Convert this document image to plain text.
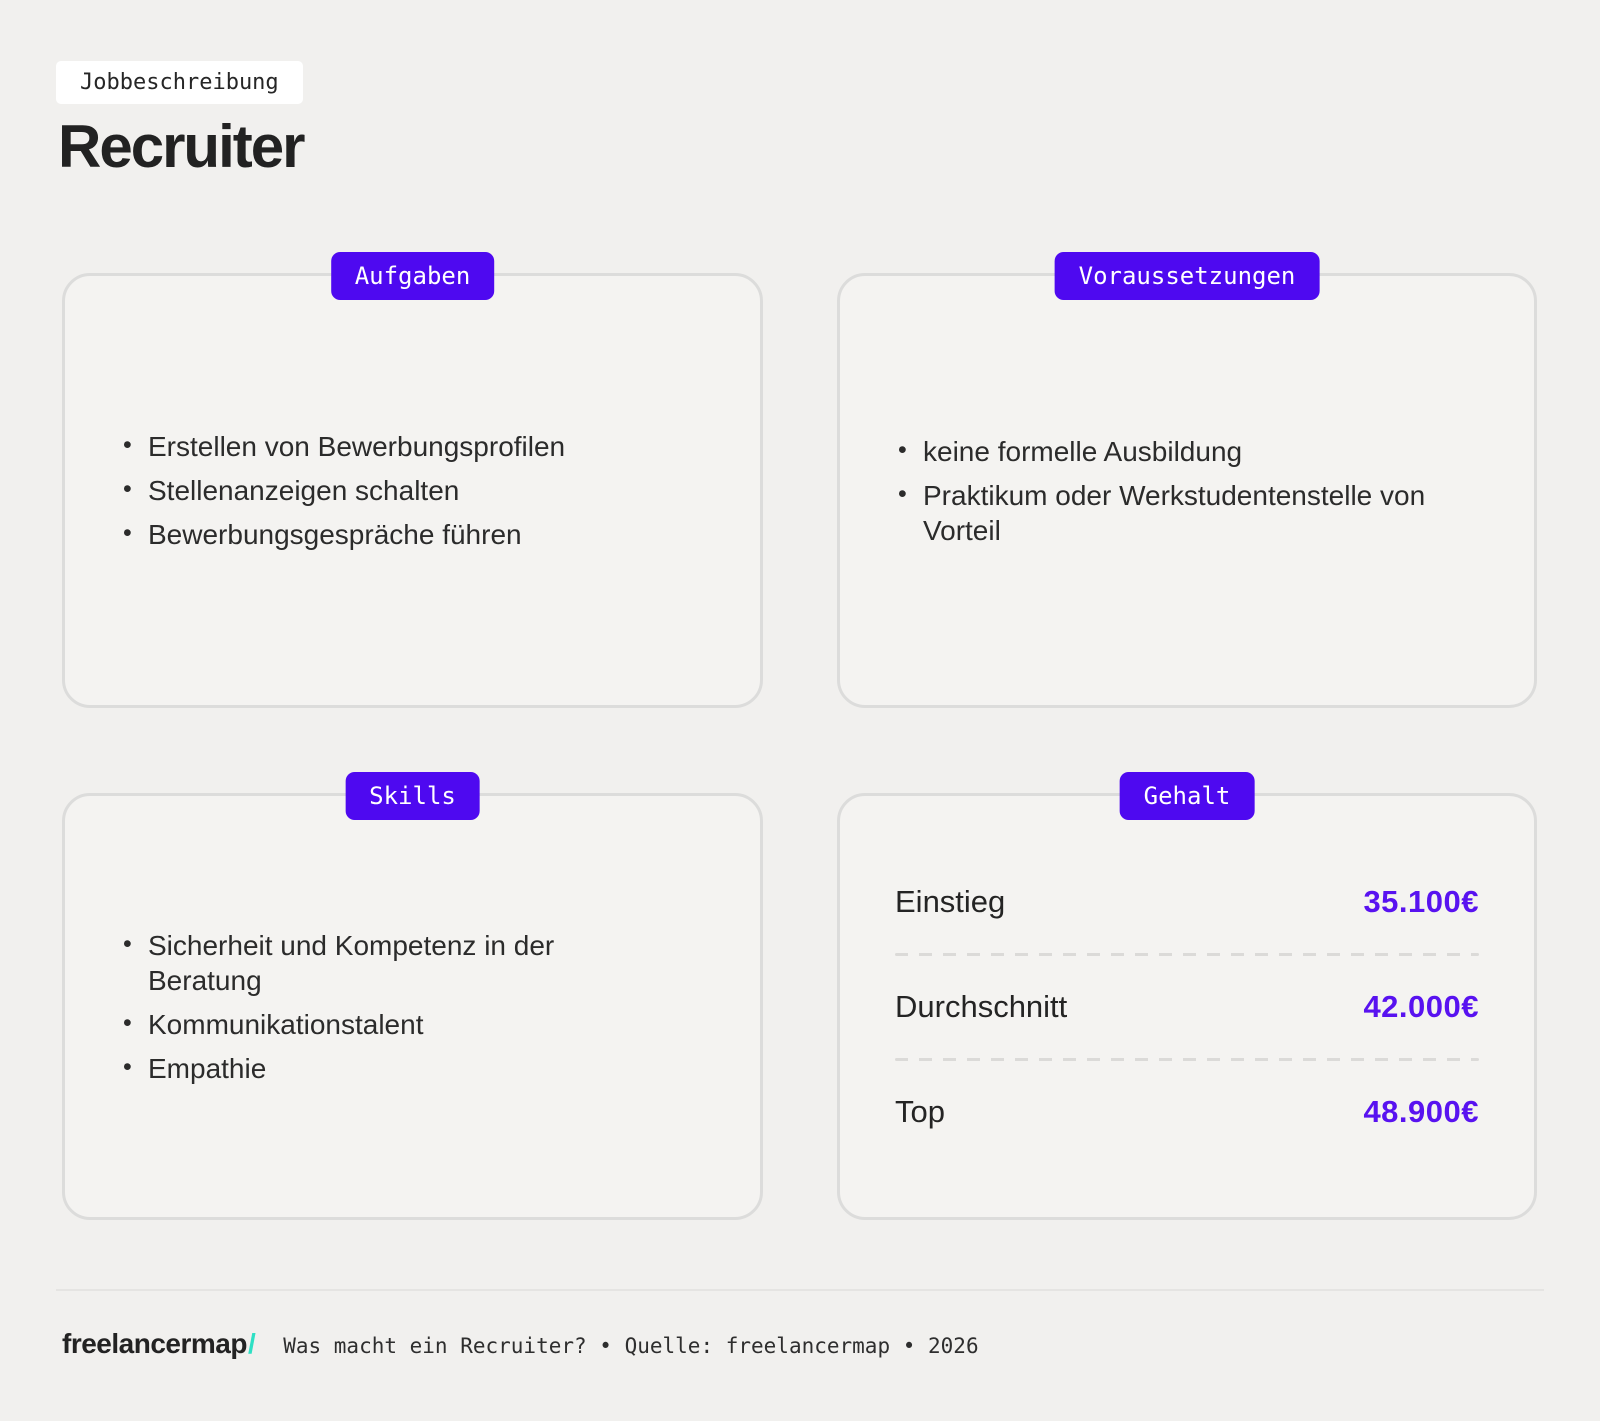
Jobbeschreibung
Recruiter
Aufgaben
• Erstellen von Bewerbungsprofilen
• Stellenanzeigen schalten
• Bewerbungsgespräche führen
Voraussetzungen
• keine formelle Ausbildung
• Praktikum oder Werkstudentenstelle von Vorteil
Skills
• Sicherheit und Kompetenz in der Beratung
• Kommunikationstalent
• Empathie
Gehalt
Einstieg	35.100€
Durchschnitt	42.000€
Top	48.900€
freelancermap/ Was macht ein Recruiter? • Quelle: freelancermap • 2026
